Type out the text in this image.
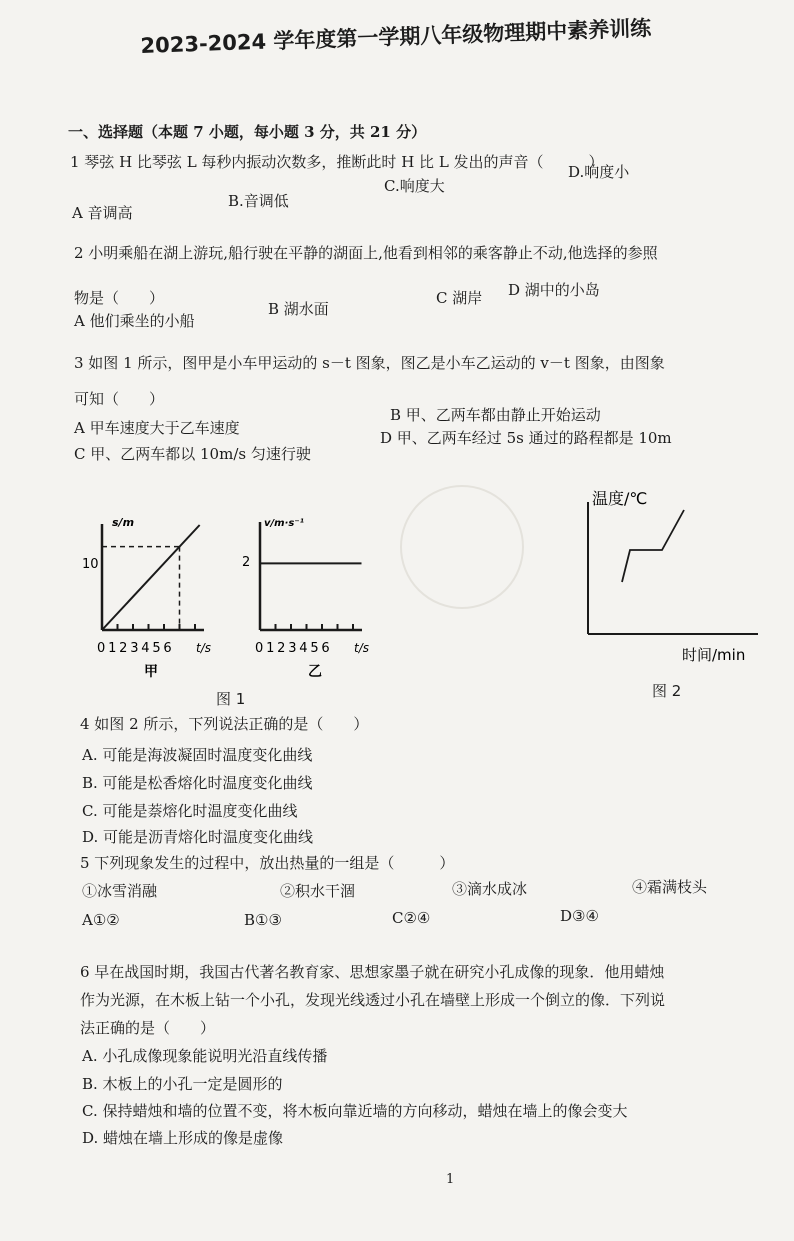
2023-2024 学年度第一学期八年级物理期中素养训练
一、选择题（本题 7 小题，每小题 3 分，共 21 分）
1 琴弦 H 比琴弦 L 每秒内振动次数多，推断此时 H 比 L 发出的声音（　　　）
A 音调高
B.音调低
C.响度大
D.响度小
2 小明乘船在湖上游玩,船行驶在平静的湖面上,他看到相邻的乘客静止不动,他选择的参照
物是（　　）
A 他们乘坐的小船
B 湖水面
C 湖岸 D 湖中的小岛
3 如图 1 所示，图甲是小车甲运动的 s－t 图象，图乙是小车乙运动的 v－t 图象，由图象
可知（　　）
A 甲车速度大于乙车速度
B 甲、乙两车都由静止开始运动
C 甲、乙两车都以 10m/s 匀速行驶
D 甲、乙两车经过 5s 通过的路程都是 10m
s/m
10
0123456 t/s
甲
v/m·s⁻¹
2
0123456 t/s
乙
图 1
温度/℃
时间/min
图 2
4 如图 2 所示，下列说法正确的是（　　）
A. 可能是海波凝固时温度变化曲线
B. 可能是松香熔化时温度变化曲线
C. 可能是萘熔化时温度变化曲线
D. 可能是沥青熔化时温度变化曲线
5 下列现象发生的过程中，放出热量的一组是（　　　）
①冰雪消融	②积水干涸	③滴水成冰	④霜满枝头
A①②	B①③	C②④	D③④
6 早在战国时期，我国古代著名教育家、思想家墨子就在研究小孔成像的现象．他用蜡烛
作为光源，在木板上钻一个小孔，发现光线透过小孔在墙壁上形成一个倒立的像．下列说
法正确的是（　　）
A. 小孔成像现象能说明光沿直线传播
B. 木板上的小孔一定是圆形的
C. 保持蜡烛和墙的位置不变，将木板向靠近墙的方向移动，蜡烛在墙上的像会变大
D. 蜡烛在墙上形成的像是虚像
1
